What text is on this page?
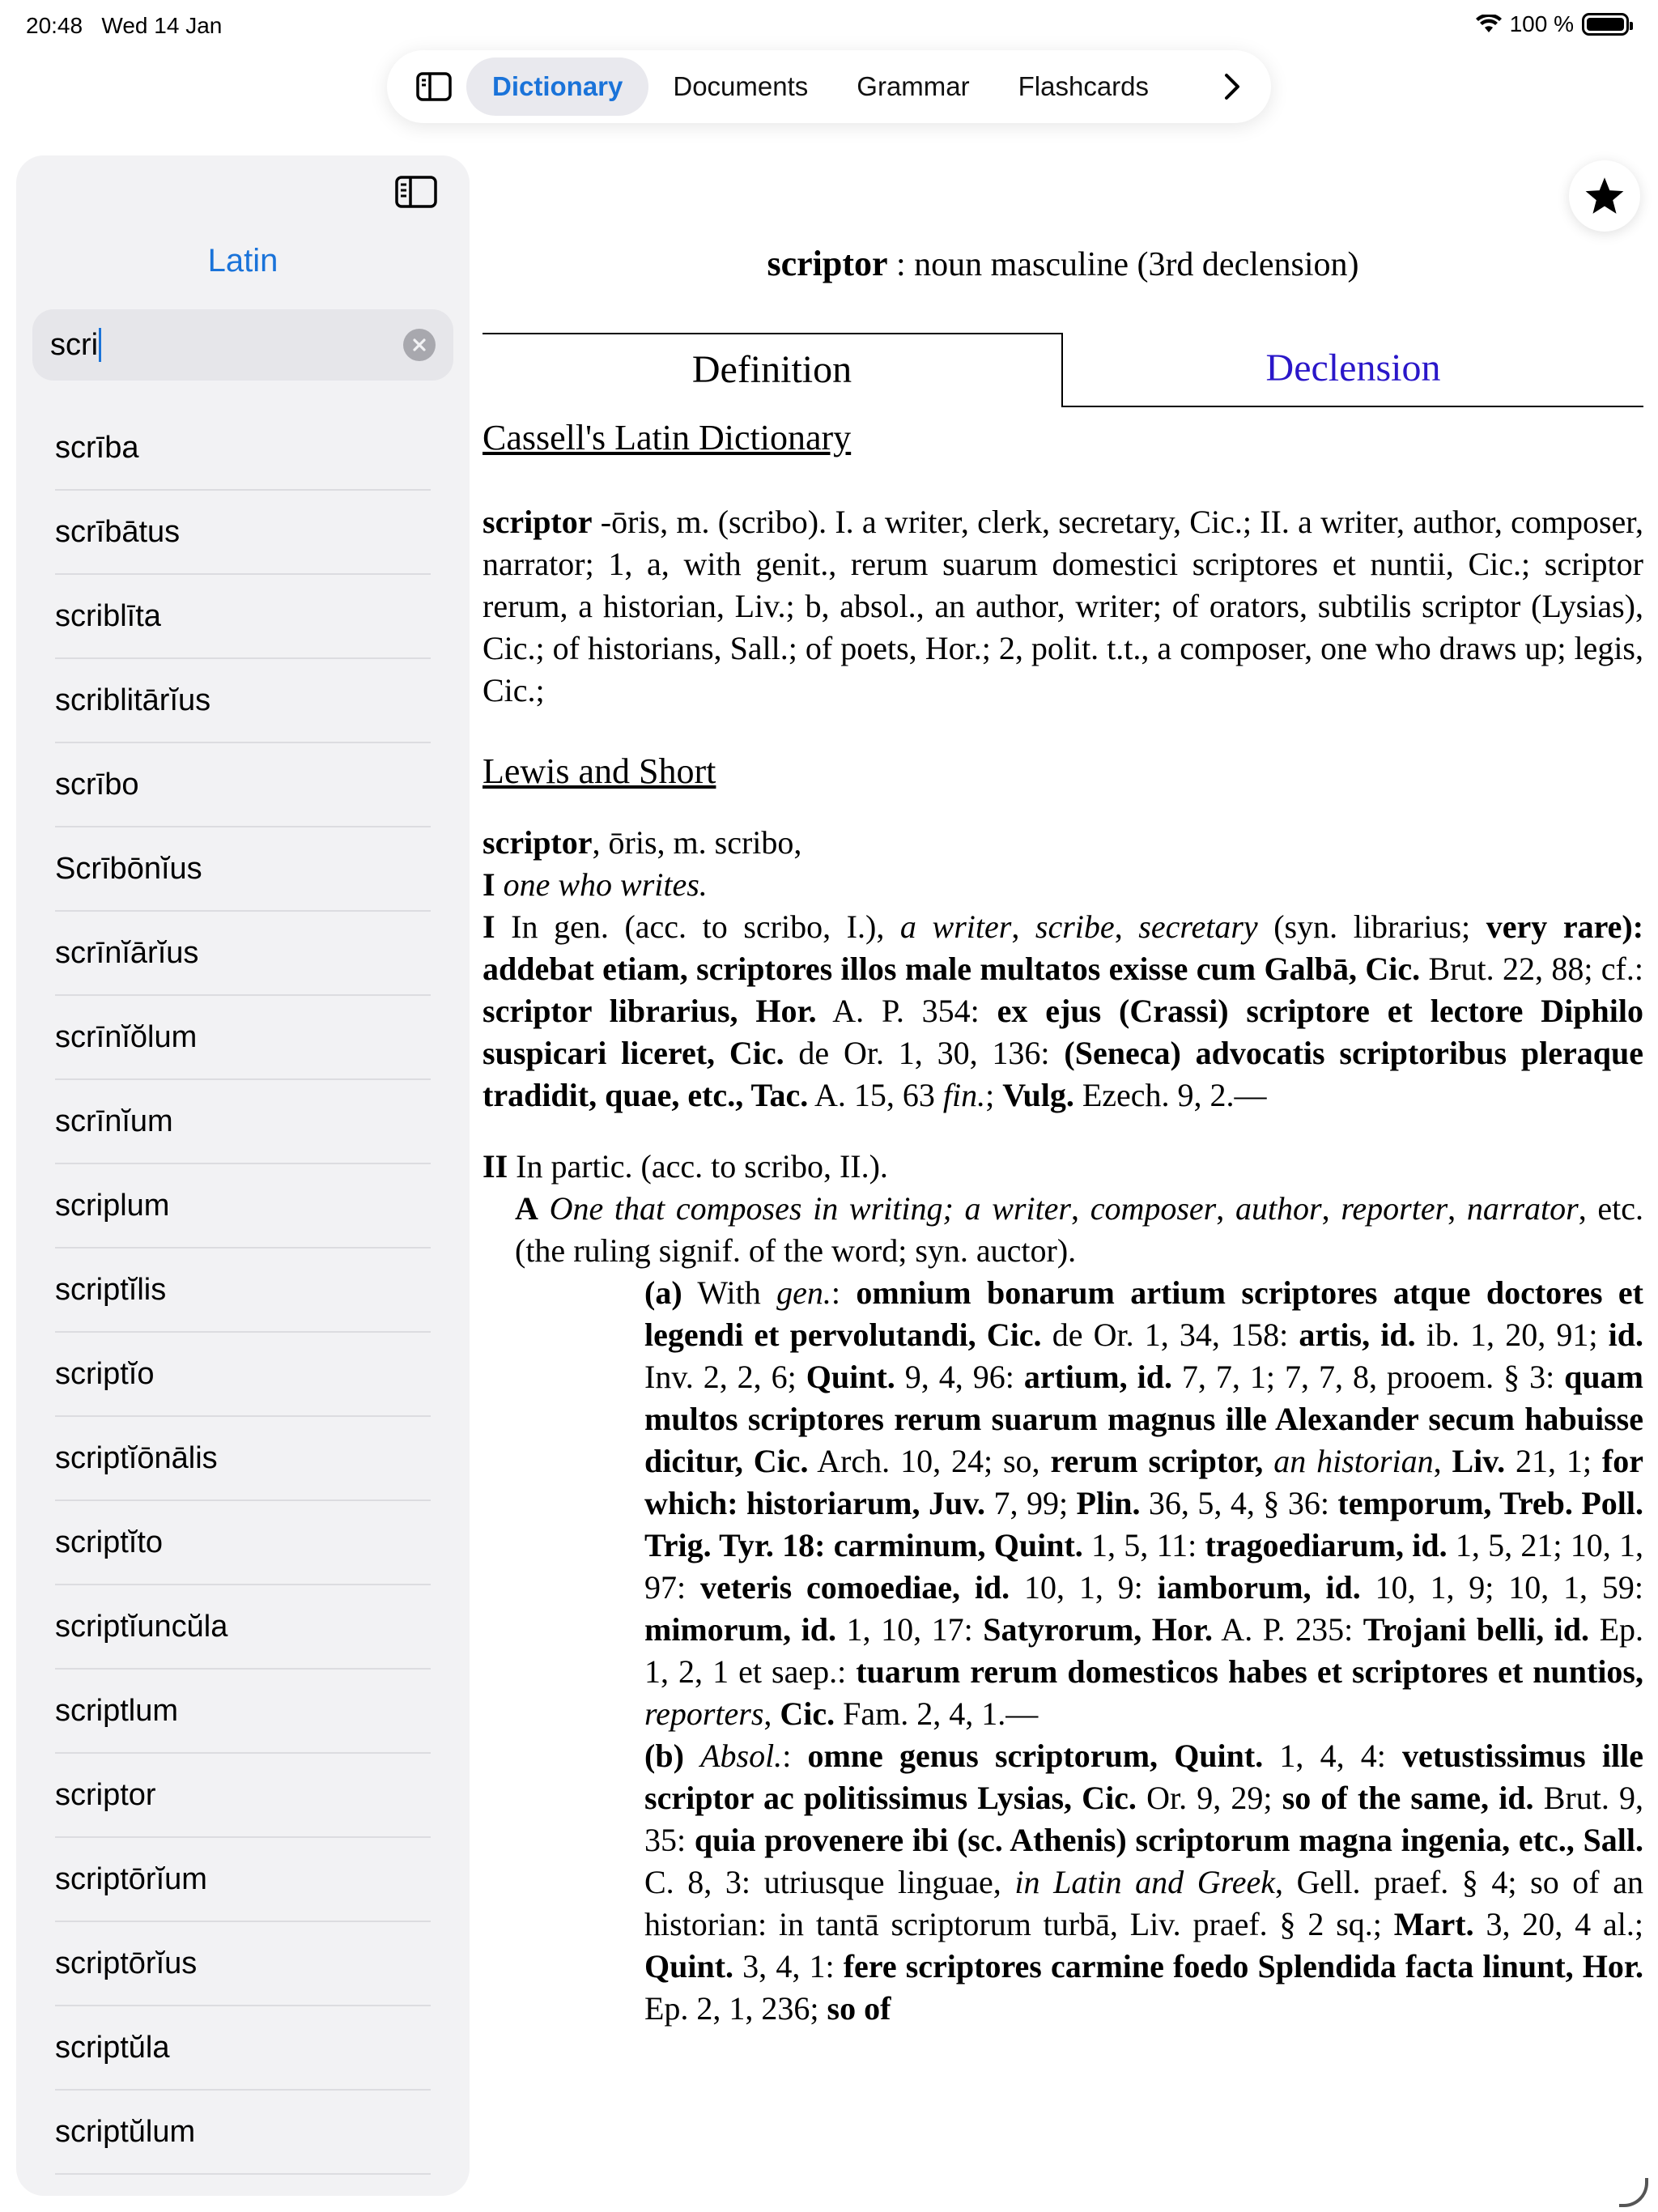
20:48 Wed 14 Jan	100 %
Dictionary	Documents	Grammar	Flashcards
Latin
scri
scrība
scrībātus
scriblīta
scriblitārĭus
scrībo
Scrībōnĭus
scrīnĭārĭus
scrīnĭŏlum
scrīnĭum
scriplum
scriptĭlis
scriptĭo
scriptĭōnālis
scriptĭto
scriptĭuncŭla
scriptlum
scriptor
scriptōrĭum
scriptōrĭus
scriptŭla
scriptŭlum
scriptor : noun masculine (3rd declension)
Definition	Declension
Cassell's Latin Dictionary
scriptor -ōris, m. (scribo). I. a writer, clerk, secretary, Cic.; II. a writer, author, composer, narrator; 1, a, with genit., rerum suarum domestici scriptores et nuntii, Cic.; scriptor rerum, a historian, Liv.; b, absol., an author, writer; of orators, subtilis scriptor (Lysias), Cic.; of historians, Sall.; of poets, Hor.; 2, polit. t.t., a composer, one who draws up; legis, Cic.;
Lewis and Short
scriptor, ōris, m. scribo,
I one who writes.
I In gen. (acc. to scribo, I.), a writer, scribe, secretary (syn. librarius; very rare): addebat etiam, scriptores illos male multatos exisse cum Galbā, Cic. Brut. 22, 88; cf.: scriptor librarius, Hor. A. P. 354: ex ejus (Crassi) scriptore et lectore Diphilo suspicari liceret, Cic. de Or. 1, 30, 136: (Seneca) advocatis scriptoribus pleraque tradidit, quae, etc., Tac. A. 15, 63 fin.; Vulg. Ezech. 9, 2.—
II In partic. (acc. to scribo, II.).
A One that composes in writing; a writer, composer, author, reporter, narrator, etc. (the ruling signif. of the word; syn. auctor).
(a) With gen.: omnium bonarum artium scriptores atque doctores et legendi et pervolutandi, Cic. de Or. 1, 34, 158: artis, id. ib. 1, 20, 91; id. Inv. 2, 2, 6; Quint. 9, 4, 96: artium, id. 7, 7, 1; 7, 7, 8, prooem. § 3: quam multos scriptores rerum suarum magnus ille Alexander secum habuisse dicitur, Cic. Arch. 10, 24; so, rerum scriptor, an historian, Liv. 21, 1; for which: historiarum, Juv. 7, 99; Plin. 36, 5, 4, § 36: temporum, Treb. Poll. Trig. Tyr. 18: carminum, Quint. 1, 5, 11: tragoediarum, id. 1, 5, 21; 10, 1, 97: veteris comoediae, id. 10, 1, 9: iamborum, id. 10, 1, 9; 10, 1, 59: mimorum, id. 1, 10, 17: Satyrorum, Hor. A. P. 235: Trojani belli, id. Ep. 1, 2, 1 et saep.: tuarum rerum domesticos habes et scriptores et nuntios, reporters, Cic. Fam. 2, 4, 1.—
(b) Absol.: omne genus scriptorum, Quint. 1, 4, 4: vetustissimus ille scriptor ac politissimus Lysias, Cic. Or. 9, 29; so of the same, id. Brut. 9, 35: quia provenere ibi (sc. Athenis) scriptorum magna ingenia, etc., Sall. C. 8, 3: utriusque linguae, in Latin and Greek, Gell. praef. § 4; so of an historian: in tantā scriptorum turbā, Liv. praef. § 2 sq.; Mart. 3, 20, 4 al.; Quint. 3, 4, 1: fere scriptores carmine foedo Splendida facta linunt, Hor. Ep. 2, 1, 236; so of
